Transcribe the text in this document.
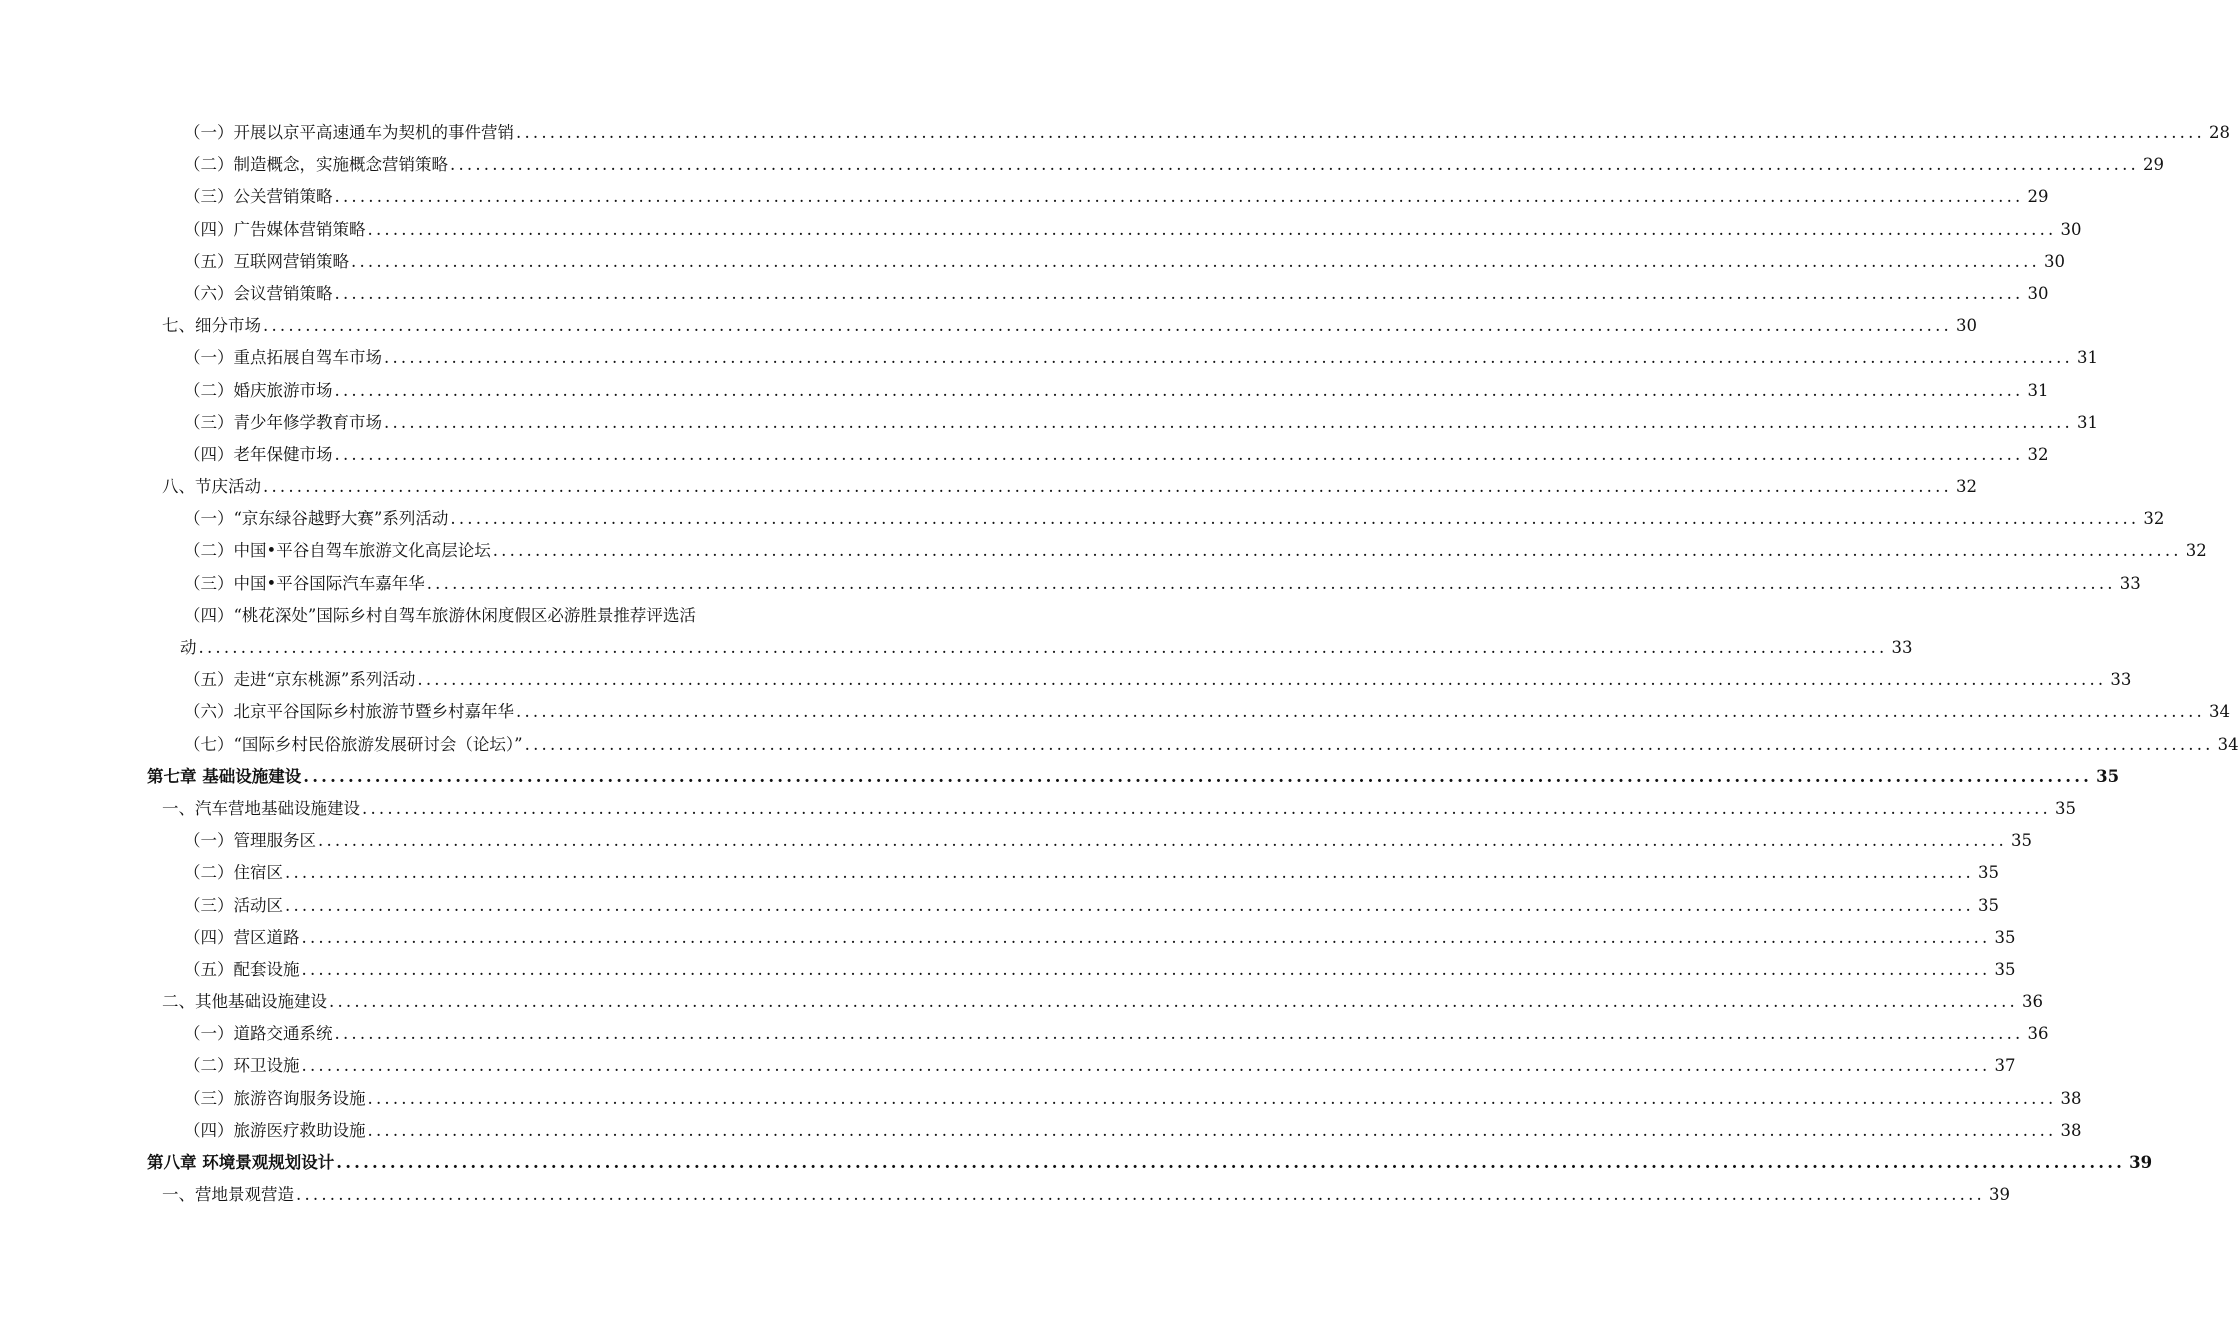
（一）开展以京平高速通车为契机的事件营销 ........................................................................................................................................................................................................ 28
（二）制造概念，实施概念营销策略 ........................................................................................................................................................................................................ 29
（三）公关营销策略 ........................................................................................................................................................................................................ 29
（四）广告媒体营销策略 ........................................................................................................................................................................................................ 30
（五）互联网营销策略 ........................................................................................................................................................................................................ 30
（六）会议营销策略 ........................................................................................................................................................................................................ 30
七、细分市场 ........................................................................................................................................................................................................ 30
（一）重点拓展自驾车市场 ........................................................................................................................................................................................................ 31
（二）婚庆旅游市场 ........................................................................................................................................................................................................ 31
（三）青少年修学教育市场 ........................................................................................................................................................................................................ 31
（四）老年保健市场 ........................................................................................................................................................................................................ 32
八、节庆活动 ........................................................................................................................................................................................................ 32
（一）“京东绿谷越野大赛”系列活动 ........................................................................................................................................................................................................ 32
（二）中国•平谷自驾车旅游文化高层论坛 ........................................................................................................................................................................................................ 32
（三）中国•平谷国际汽车嘉年华 ........................................................................................................................................................................................................ 33
（四）“桃花深处”国际乡村自驾车旅游休闲度假区必游胜景推荐评选活
动 ........................................................................................................................................................................................................ 33
（五）走进“京东桃源”系列活动 ........................................................................................................................................................................................................ 33
（六）北京平谷国际乡村旅游节暨乡村嘉年华 ........................................................................................................................................................................................................ 34
（七）“国际乡村民俗旅游发展研讨会（论坛）” ........................................................................................................................................................................................................ 34
第七章 基础设施建设 ........................................................................................................................................................................................................ 35
一、汽车营地基础设施建设 ........................................................................................................................................................................................................ 35
（一）管理服务区 ........................................................................................................................................................................................................ 35
（二）住宿区 ........................................................................................................................................................................................................ 35
（三）活动区 ........................................................................................................................................................................................................ 35
（四）营区道路 ........................................................................................................................................................................................................ 35
（五）配套设施 ........................................................................................................................................................................................................ 35
二、其他基础设施建设 ........................................................................................................................................................................................................ 36
（一）道路交通系统 ........................................................................................................................................................................................................ 36
（二）环卫设施 ........................................................................................................................................................................................................ 37
（三）旅游咨询服务设施 ........................................................................................................................................................................................................ 38
（四）旅游医疗救助设施 ........................................................................................................................................................................................................ 38
第八章 环境景观规划设计 ........................................................................................................................................................................................................ 39
一、营地景观营造 ........................................................................................................................................................................................................ 39
